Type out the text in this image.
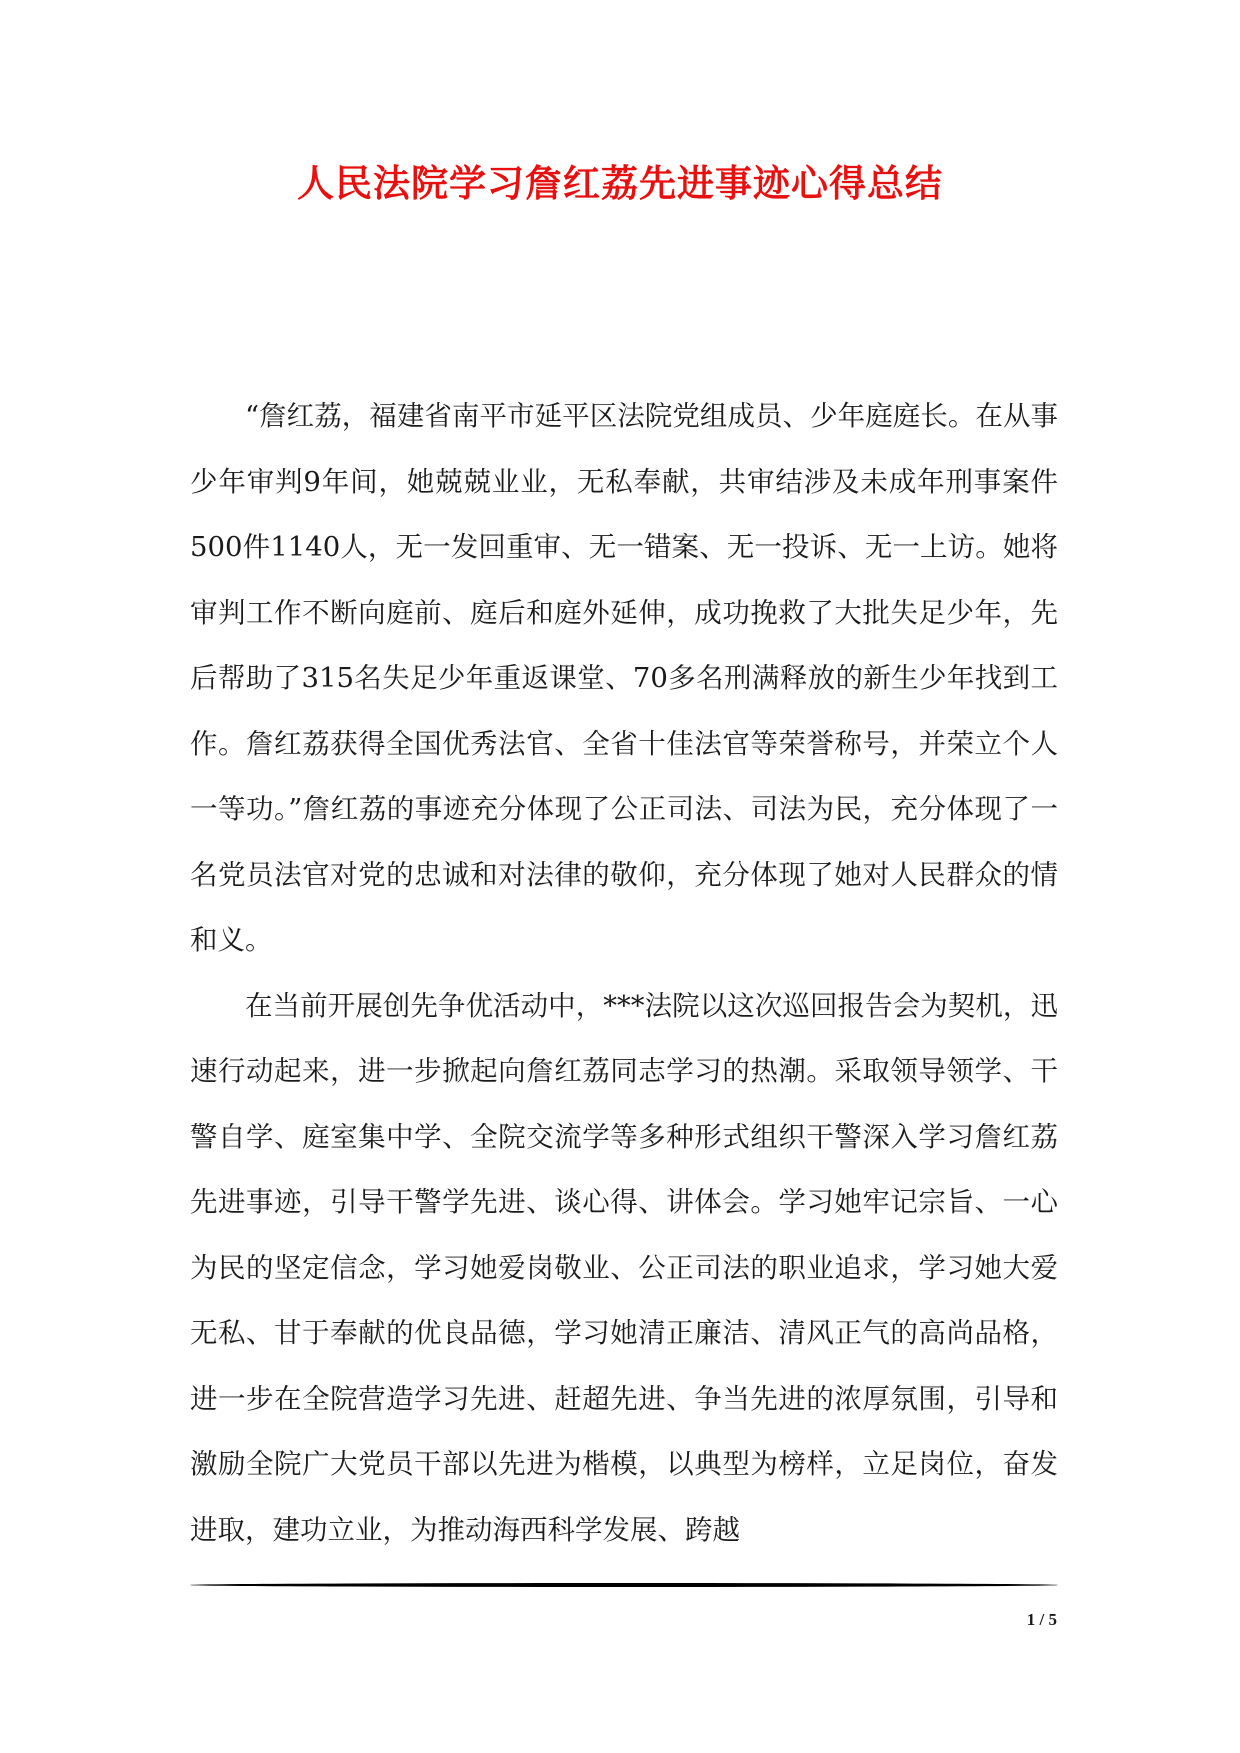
人民法院学习詹红荔先进事迹心得总结

“詹红荔，福建省南平市延平区法院党组成员、少年庭庭长。在从事少年审判9年间，她兢兢业业，无私奉献，共审结涉及未成年刑事案件500件1140人，无一发回重审、无一错案、无一投诉、无一上访。她将审判工作不断向庭前、庭后和庭外延伸，成功挽救了大批失足少年，先后帮助了315名失足少年重返课堂、70多名刑满释放的新生少年找到工作。詹红荔获得全国优秀法官、全省十佳法官等荣誉称号，并荣立个人一等功。”詹红荔的事迹充分体现了公正司法、司法为民，充分体现了一名党员法官对党的忠诚和对法律的敬仰，充分体现了她对人民群众的情和义。

在当前开展创先争优活动中，***法院以这次巡回报告会为契机，迅速行动起来，进一步掀起向詹红荔同志学习的热潮。采取领导领学、干警自学、庭室集中学、全院交流学等多种形式组织干警深入学习詹红荔先进事迹，引导干警学先进、谈心得、讲体会。学习她牢记宗旨、一心为民的坚定信念，学习她爱岗敬业、公正司法的职业追求，学习她大爱无私、甘于奉献的优良品德，学习她清正廉洁、清风正气的高尚品格，进一步在全院营造学习先进、赶超先进、争当先进的浓厚氛围，引导和激励全院广大党员干部以先进为楷模，以典型为榜样，立足岗位，奋发进取，建功立业，为推动海西科学发展、跨越

1 / 5
